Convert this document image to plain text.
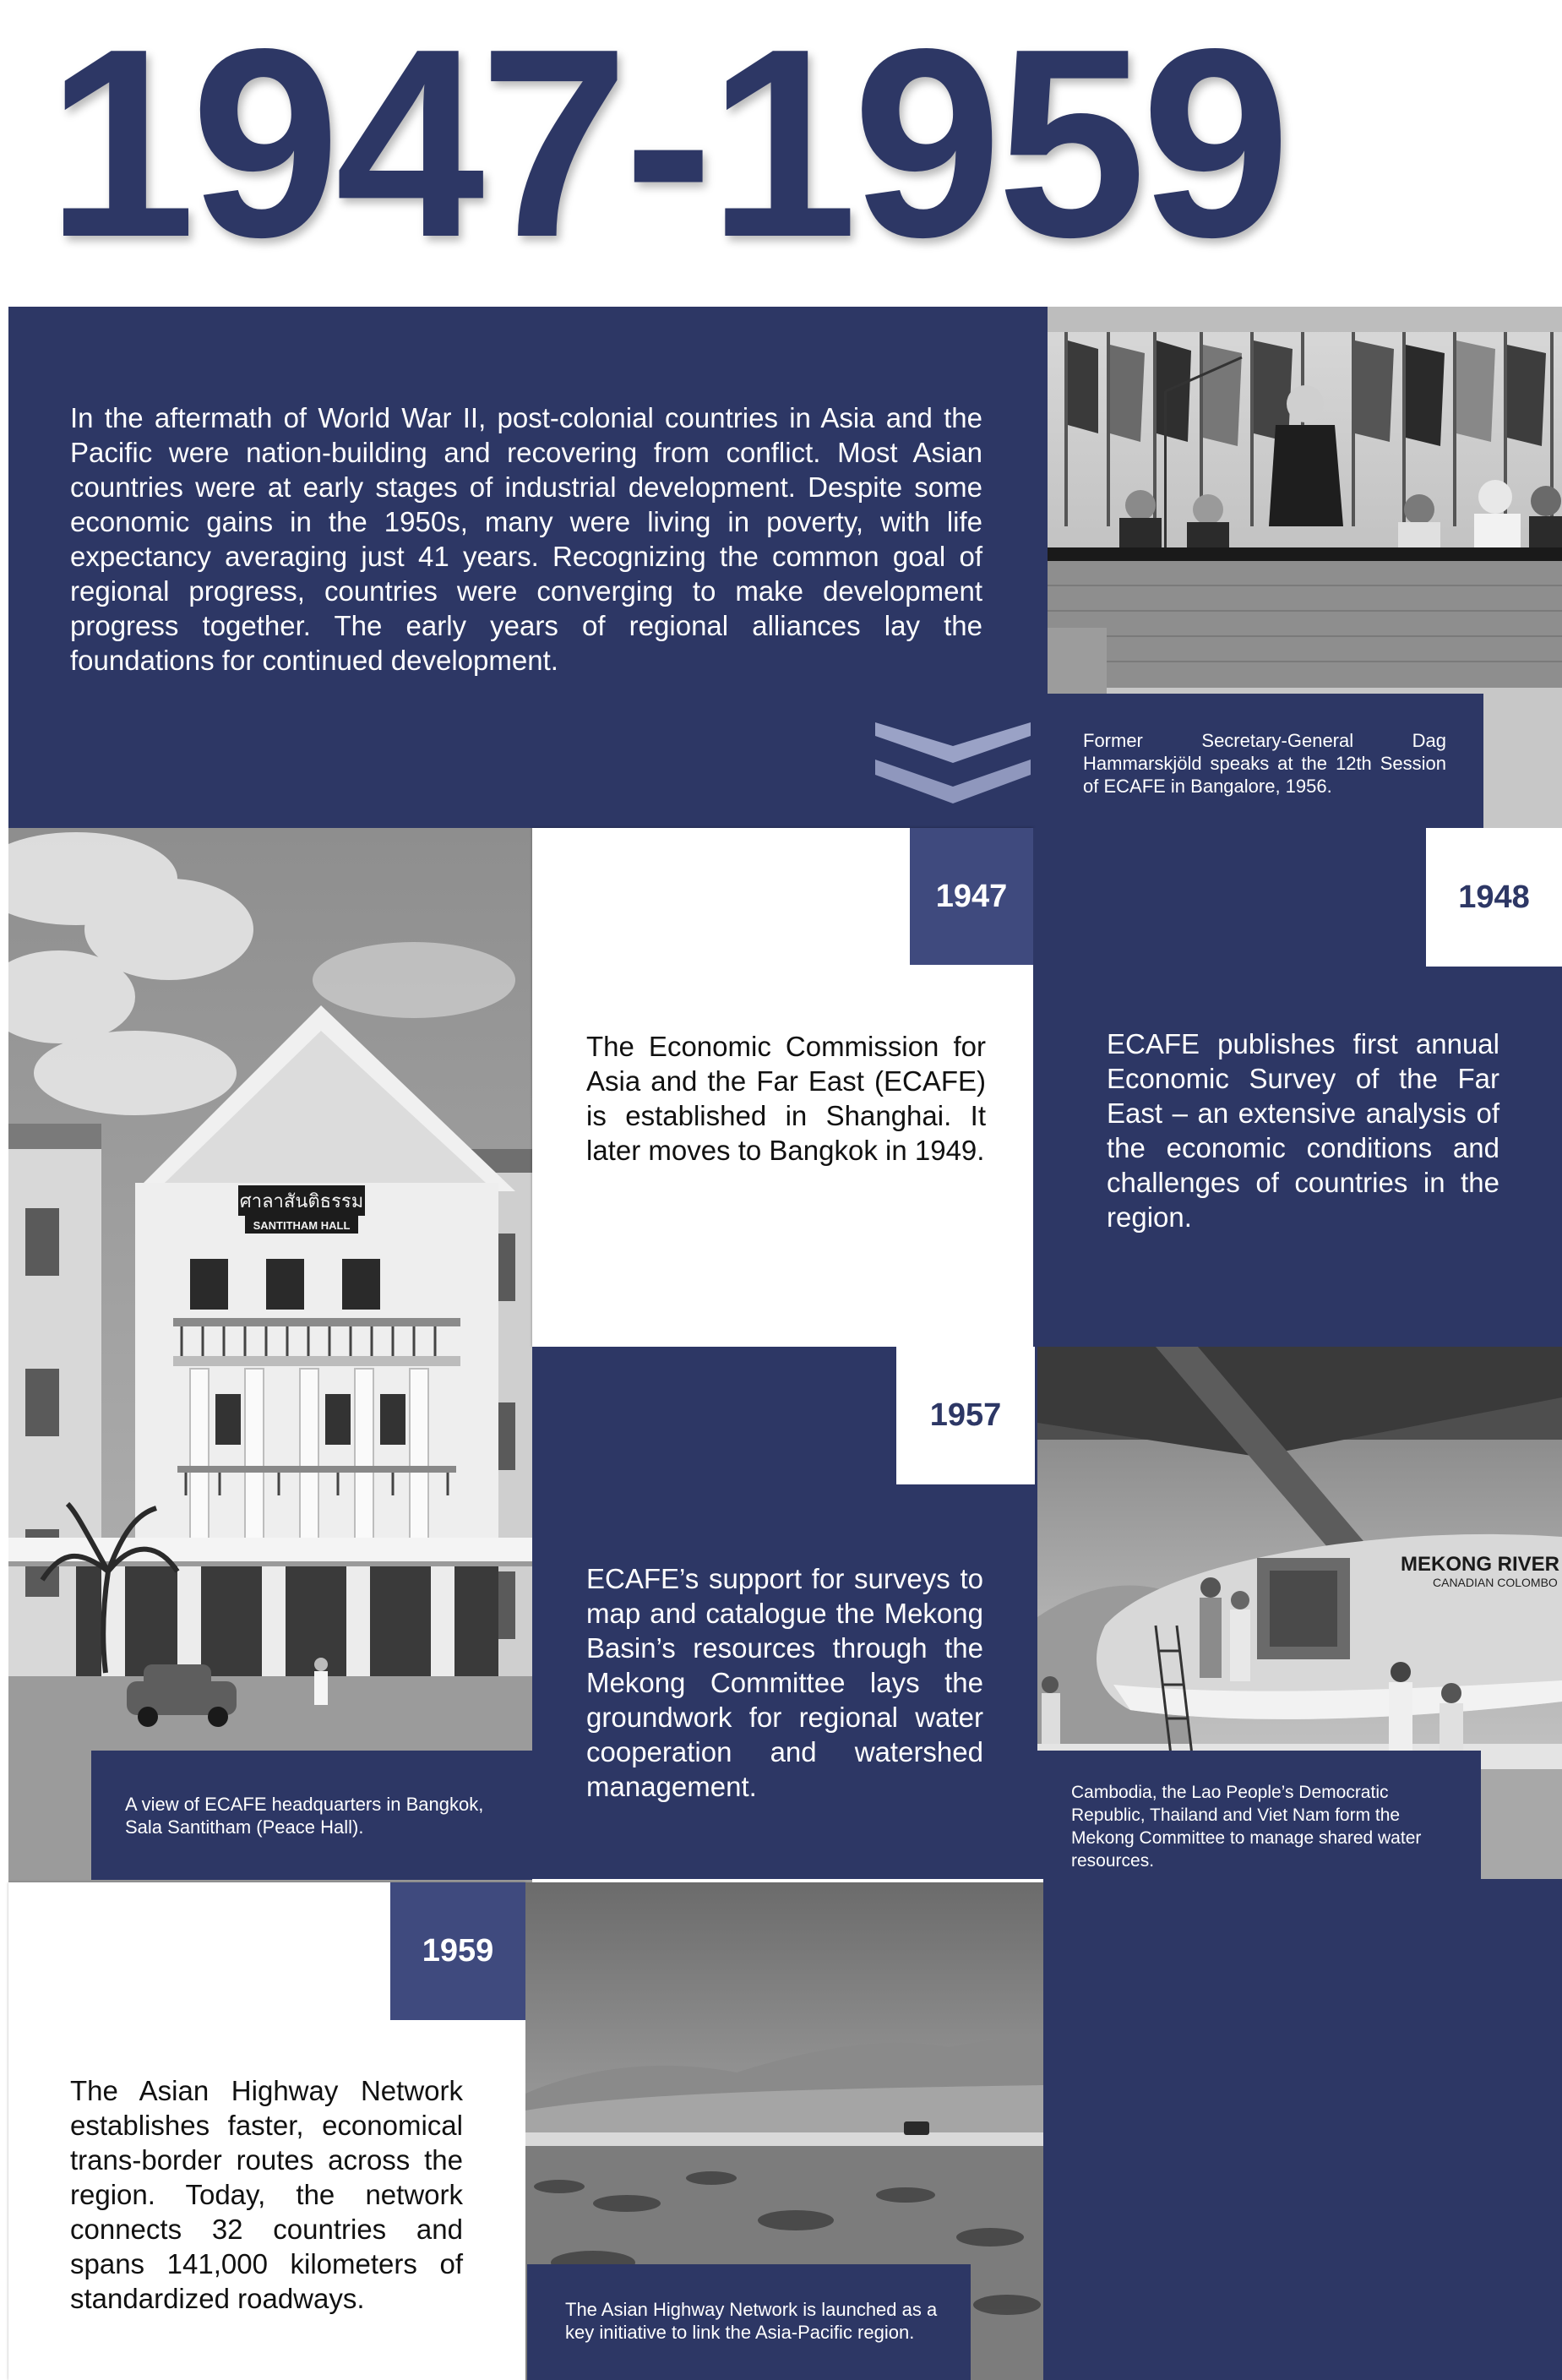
1947-1959
In the aftermath of World War II, post-colonial countries in Asia and the Pacific were nation-building and recovering from conflict. Most Asian countries were at early stages of industrial development. Despite some economic gains in the 1950s, many were living in poverty, with life expectancy averaging just 41 years. Recognizing the common goal of regional progress, countries were converging to make development progress together. The early years of regional alliances lay the foundations for continued development.
Former Secretary-General Dag Hammarskjöld speaks at the 12th Session of ECAFE in Bangalore, 1956.
ศาลาสันติธรรม
SANTITHAM HALL
A view of ECAFE headquarters in Bangkok, Sala Santitham (Peace Hall).
1947
The Economic Commission for Asia and the Far East (ECAFE) is established in Shanghai. It later moves to Bangkok in 1949.
1948
ECAFE publishes first annual Economic Survey of the Far East – an extensive analysis of the economic conditions and challenges of countries in the region.
1957
ECAFE’s support for surveys to map and catalogue the Mekong Basin’s resources through the Mekong Committee lays the groundwork for regional water cooperation and watershed management.
MEKONG RIVER
CANADIAN COLOMBO
Cambodia, the Lao People’s Democratic Republic, Thailand and Viet Nam form the Mekong Committee to manage shared water resources.
1959
The Asian Highway Network establishes faster, economical trans-border routes across the region. Today, the network connects 32 countries and spans 141,000 kilometers of standardized roadways.	The Asian Highway Network is launched as a key initiative to link the Asia-Pacific region.
